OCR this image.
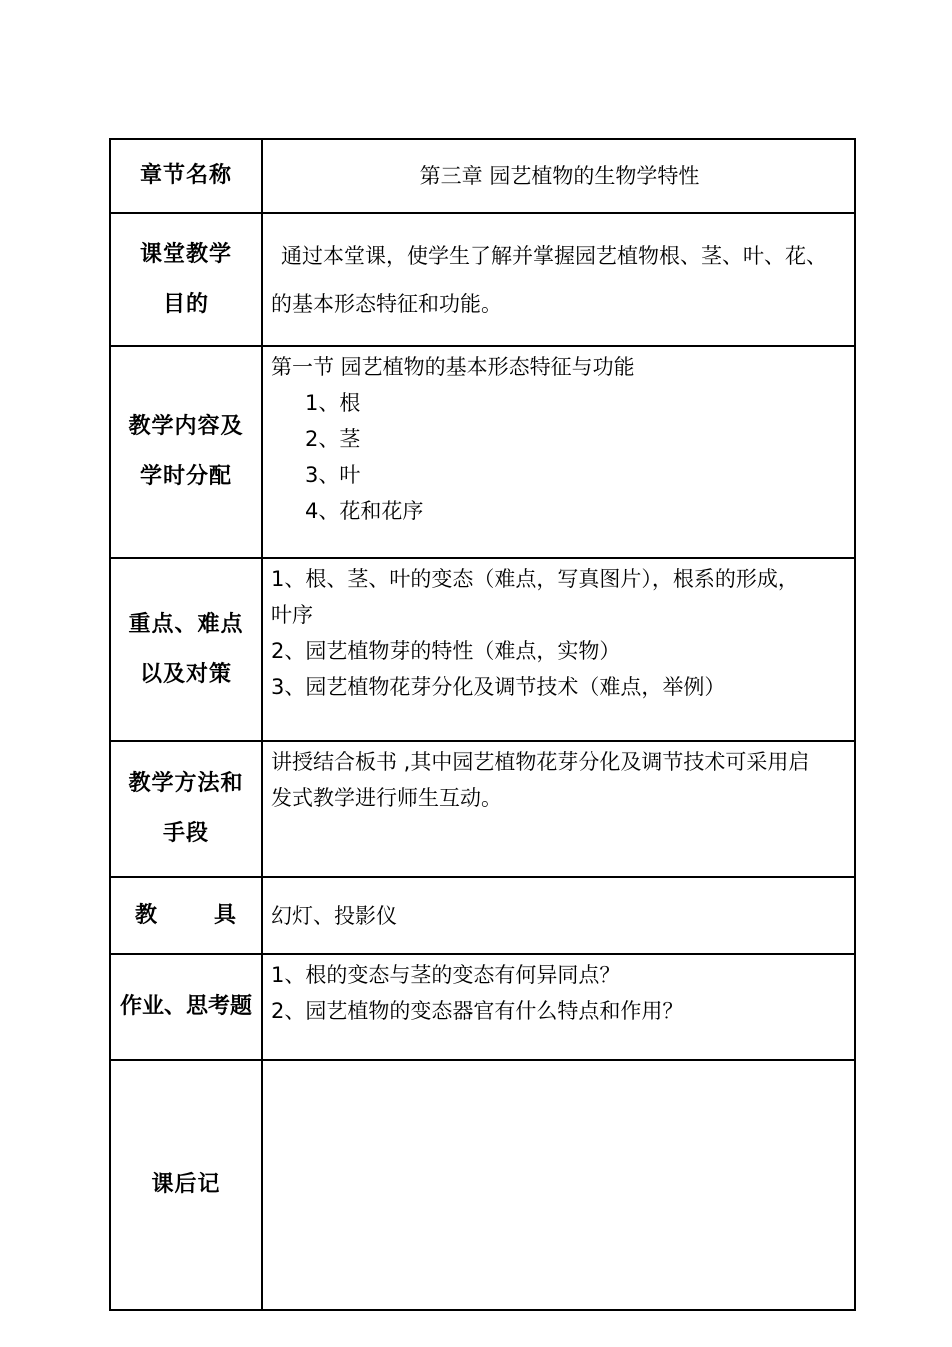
章节名称	第三章 园艺植物的生物学特性

课堂教学
目的	通过本堂课，使学生了解并掌握园艺植物根、茎、叶、花、
的基本形态特征和功能。

教学内容及
学时分配	第一节 园艺植物的基本形态特征与功能
1、根
2、茎
3、叶
4、花和花序

重点、难点
以及对策	1、根、茎、叶的变态（难点，写真图片），根系的形成，
叶序
2、园艺植物芽的特性（难点，实物）
3、园艺植物花芽分化及调节技术（难点，举例）

教学方法和
手段	讲授结合板书 ,其中园艺植物花芽分化及调节技术可采用启
发式教学进行师生互动。

教 具	幻灯、投影仪
作业、思考题	1、根的变态与茎的变态有何异同点？
2、园艺植物的变态器官有什么特点和作用？

课后记	
